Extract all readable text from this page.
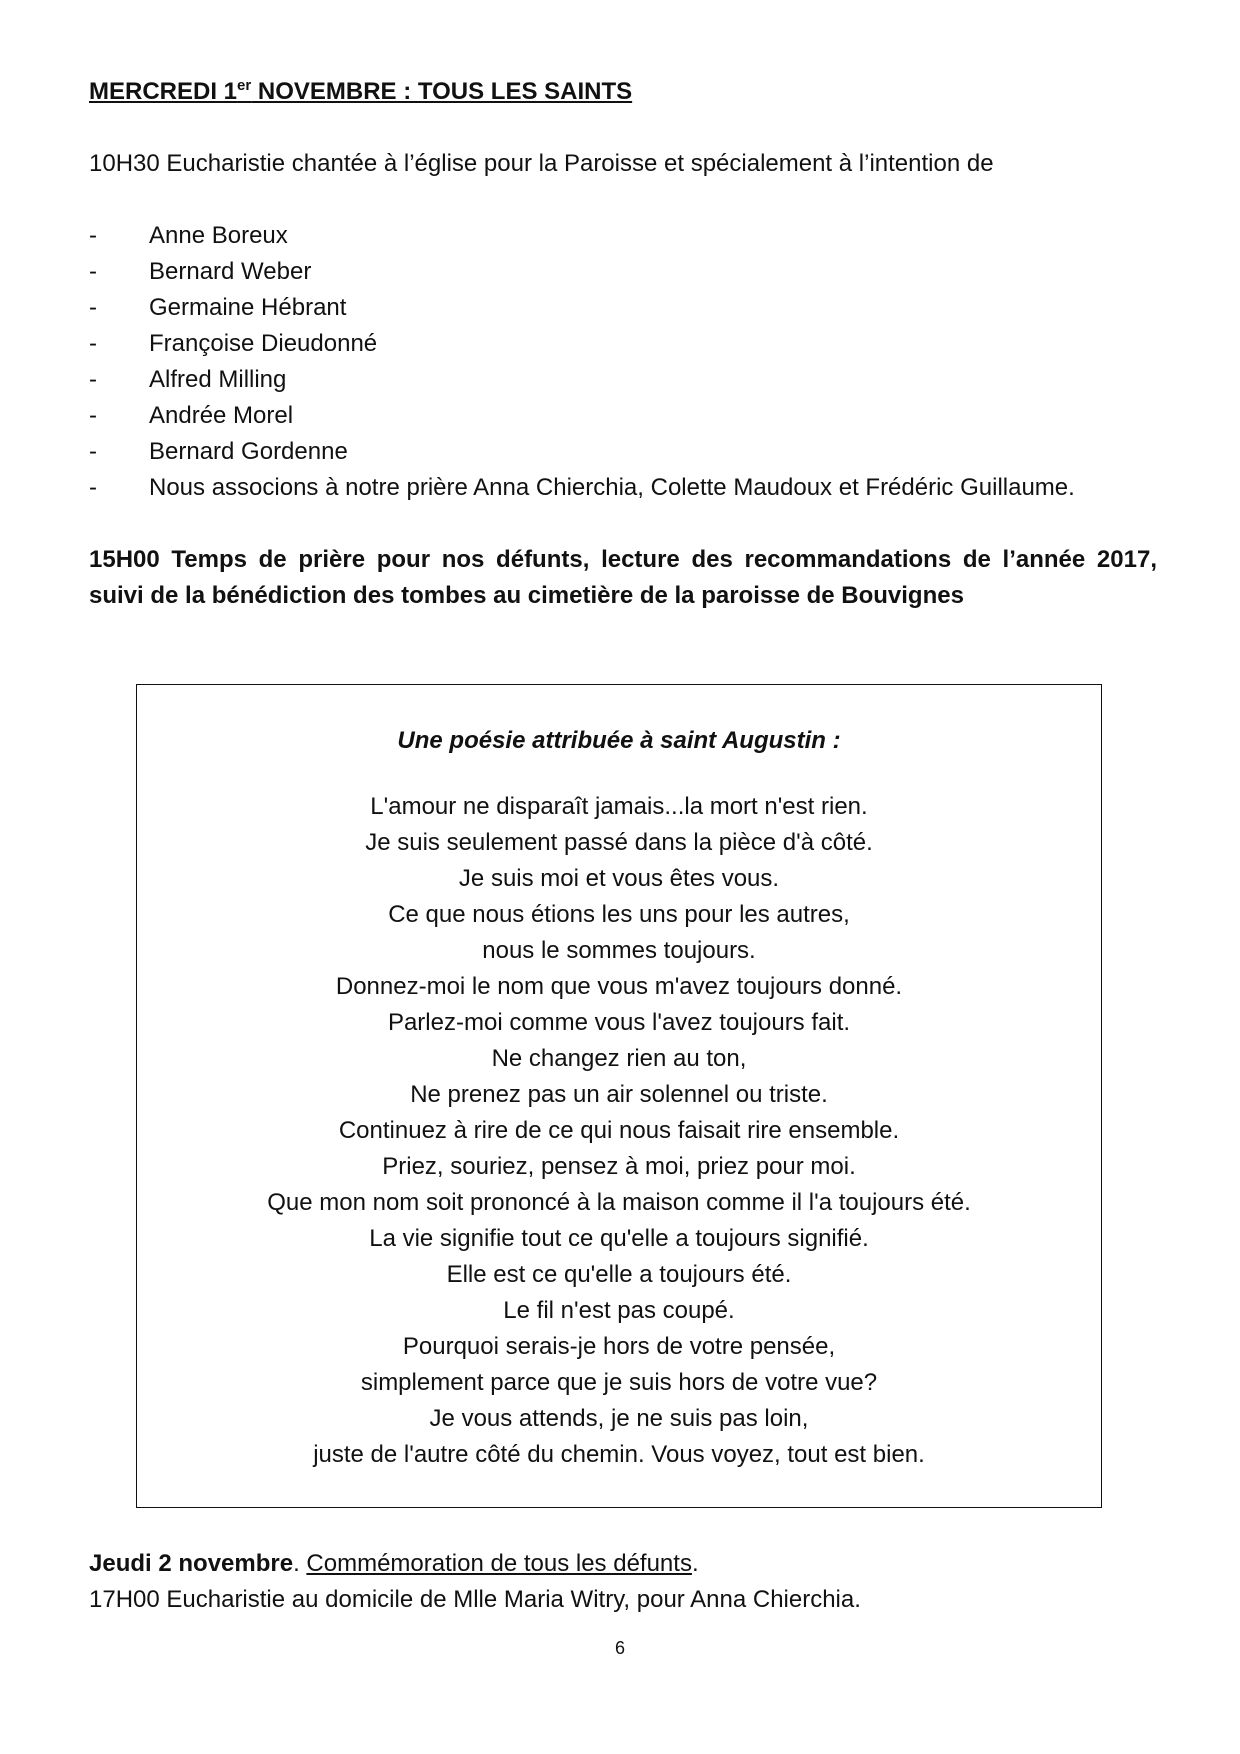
MERCREDI 1er NOVEMBRE : TOUS LES SAINTS

10H30 Eucharistie chantée à l’église pour la Paroisse et spécialement à l’intention de

- Anne Boreux
- Bernard Weber
- Germaine Hébrant
- Françoise Dieudonné
- Alfred Milling
- Andrée Morel
- Bernard Gordenne
- Nous associons à notre prière Anna Chierchia, Colette Maudoux et Frédéric Guillaume.

15H00 Temps de prière pour nos défunts, lecture des recommandations de l’année 2017, suivi de la bénédiction des tombes au cimetière de la paroisse de Bouvignes

Une poésie attribuée à saint Augustin :

L'amour ne disparaît jamais...la mort n'est rien.
Je suis seulement passé dans la pièce d'à côté.
Je suis moi et vous êtes vous.
Ce que nous étions les uns pour les autres,
nous le sommes toujours.
Donnez-moi le nom que vous m'avez toujours donné.
Parlez-moi comme vous l'avez toujours fait.
Ne changez rien au ton,
Ne prenez pas un air solennel ou triste.
Continuez à rire de ce qui nous faisait rire ensemble.
Priez, souriez, pensez à moi, priez pour moi.
Que mon nom soit prononcé à la maison comme il l'a toujours été.
La vie signifie tout ce qu'elle a toujours signifié.
Elle est ce qu'elle a toujours été.
Le fil n'est pas coupé.
Pourquoi serais-je hors de votre pensée,
simplement parce que je suis hors de votre vue?
Je vous attends, je ne suis pas loin,
juste de l'autre côté du chemin. Vous voyez, tout est bien.

Jeudi 2 novembre. Commémoration de tous les défunts.

17H00 Eucharistie au domicile de Mlle Maria Witry, pour Anna Chierchia.

6
